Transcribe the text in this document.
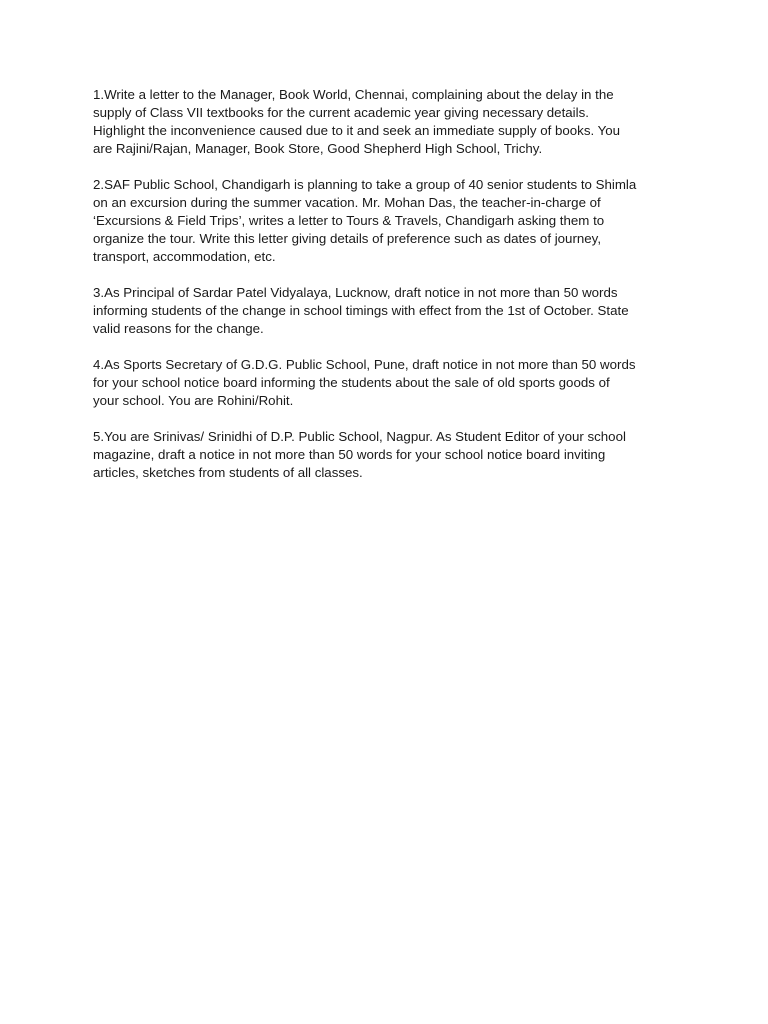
1.Write a letter to the Manager, Book World, Chennai, complaining about the delay in the
supply of Class VII textbooks for the current academic year giving necessary details.
Highlight the inconvenience caused due to it and seek an immediate supply of books. You
are Rajini/Rajan, Manager, Book Store, Good Shepherd High School, Trichy.

2.SAF Public School, Chandigarh is planning to take a group of 40 senior students to Shimla
on an excursion during the summer vacation. Mr. Mohan Das, the teacher-in-charge of
‘Excursions & Field Trips’, writes a letter to Tours & Travels, Chandigarh asking them to
organize the tour. Write this letter giving details of preference such as dates of journey,
transport, accommodation, etc.

3.As Principal of Sardar Patel Vidyalaya, Lucknow, draft notice in not more than 50 words
informing students of the change in school timings with effect from the 1st of October. State
valid reasons for the change.

4.As Sports Secretary of G.D.G. Public School, Pune, draft notice in not more than 50 words
for your school notice board informing the students about the sale of old sports goods of
your school. You are Rohini/Rohit.

5.You are Srinivas/ Srinidhi of D.P. Public School, Nagpur. As Student Editor of your school
magazine, draft a notice in not more than 50 words for your school notice board inviting
articles, sketches from students of all classes.
